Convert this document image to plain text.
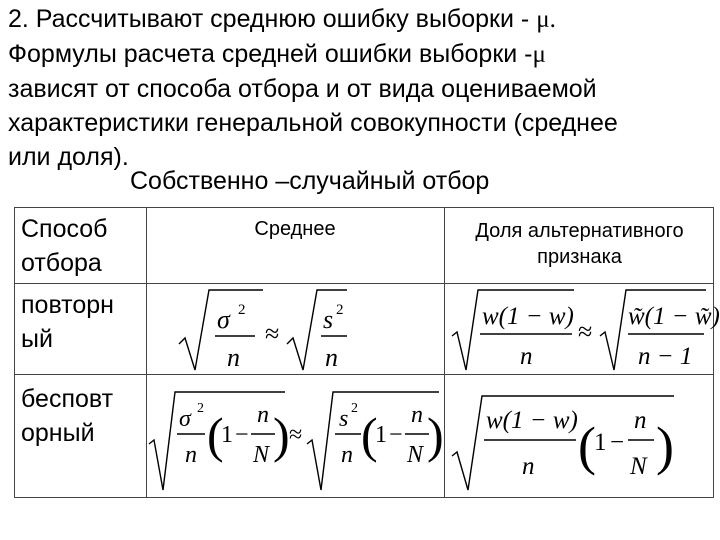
2. Рассчитывают среднюю ошибку выборки - μ.

Формулы расчета средней ошибки выборки -μ

зависят от способа отбора и от вида оцениваемой

характеристики генеральной совокупности (среднее

или доля).

Собственно –случайный отбор
Способ
отбора
Среднее	Доля альтернативного
признака
повторн
ый
бесповт
орный
σ 2
n
≈ s 2
n
w(1 − w)
n
≈
w̃(1 − w̃)
n − 1
σ 2
n (
1 −
n
N ) ≈
s 2
n (
1 −
n
N ) w(1 − w)
n (
1 −
n
N )
